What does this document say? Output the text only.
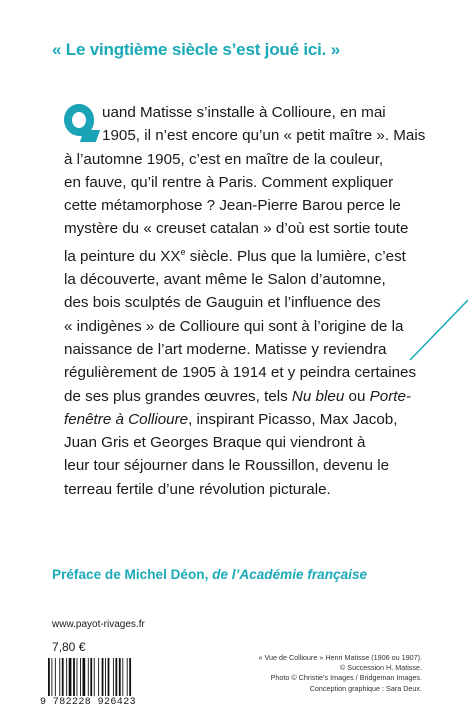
« Le vingtième siècle s’est joué ici. »
uand Matisse s’installe à Collioure, en mai
1905, il n’est encore qu’un « petit maître ». Mais
à l’automne 1905, c’est en maître de la couleur,
en fauve, qu’il rentre à Paris. Comment expliquer
cette métamorphose ? Jean-Pierre Barou perce le
mystère du « creuset catalan » d’où est sortie toute
la peinture du XXe siècle. Plus que la lumière, c’est
la découverte, avant même le Salon d’automne,
des bois sculptés de Gauguin et l’influence des
« indigènes » de Collioure qui sont à l’origine de la
naissance de l’art moderne. Matisse y reviendra
régulièrement de 1905 à 1914 et y peindra certaines
de ses plus grandes œuvres, tels Nu bleu ou Porte-
fenêtre à Collioure, inspirant Picasso, Max Jacob,
Juan Gris et Georges Braque qui viendront à
leur tour séjourner dans le Roussillon, devenu le
terreau fertile d’une révolution picturale.
Préface de Michel Déon, de l’Académie française
www.payot-rivages.fr
7,80 €
9 782228 926423
« Vue de Collioure » Henri Matisse (1906 ou 1907).
© Succession H. Matisse.
Photo © Christie’s Images / Bridgeman Images.
Conception graphique : Sara Deux.
